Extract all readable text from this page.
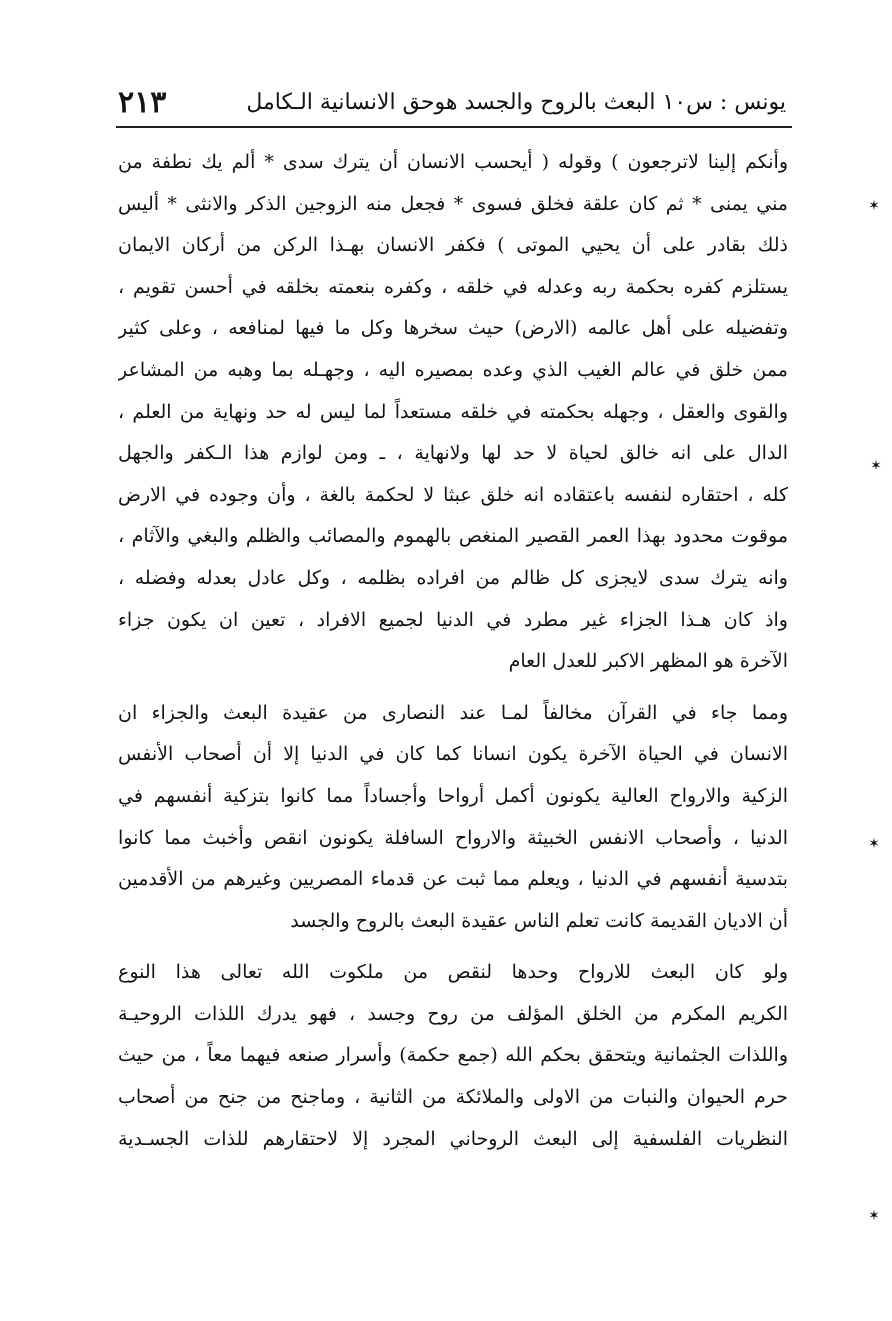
يونس : س١٠ البعث بالروح والجسد هوحق الانسانية الـكامل
٢١٣
وأنكم إلينا لاترجعون ) وقوله ( أيحسب الانسان أن يترك سدى * ألم يك نطفة من
مني يمنى * ثم كان علقة فخلق فسوى * فجعل منه الزوجين الذكر والانثى * أليس
ذلك بقادر على أن يحيي الموتى ) فكفر الانسان بهـذا الركن من أركان الايمان
يستلزم كفره بحكمة ربه وعدله في خلقه ، وكفره بنعمته بخلقه في أحسن تقويم ،
وتفضيله على أهل عالمه (الارض) حيث سخرها وكل ما فيها لمنافعه ، وعلى كثير
ممن خلق في عالم الغيب الذي وعده بمصيره اليه ، وجهـله بما وهبه من المشاعر
والقوى والعقل ، وجهله بحكمته في خلقه مستعداً لما ليس له حد ونهاية من العلم ،
الدال على انه خالق لحياة لا حد لها ولانهاية ، ـ ومن لوازم هذا الـكفر والجهل
كله ، احتقاره لنفسه باعتقاده انه خلق عبثا لا لحكمة بالغة ، وأن وجوده في الارض
موقوت محدود بهذا العمر القصير المنغص بالهموم والمصائب والظلم والبغي والآثام ،
وانه يترك سدى لايجزى كل ظالم من افراده بظلمه ، وكل عادل بعدله وفضله ،
واذ كان هـذا الجزاء غير مطرد في الدنيا لجميع الافراد ، تعين ان يكون جزاء
الآخرة هو المظهر الاكبر للعدل العام
ومما جاء في القرآن مخالفاً لمـا عند النصارى من عقيدة البعث والجزاء ان
الانسان في الحياة الآخرة يكون انسانا كما كان في الدنيا إلا أن أصحاب الأنفس
الزكية والارواح العالية يكونون أكمل أرواحا وأجساداً مما كانوا بتزكية أنفسهم في
الدنيا ، وأصحاب الانفس الخبيثة والارواح السافلة يكونون انقص وأخبث مما كانوا
بتدسية أنفسهم في الدنيا ، ويعلم مما ثبت عن قدماء المصريين وغيرهم من الأقدمين
أن الاديان القديمة كانت تعلم الناس عقيدة البعث بالروح والجسد
ولو كان البعث للارواح وحدها لنقص من ملكوت الله تعالى هذا النوع
الكريم المكرم من الخلق المؤلف من روح وجسد ، فهو يدرك اللذات الروحيـة
واللذات الجثمانية ويتحقق بحكم الله (جمع حكمة) وأسرار صنعه فيهما معاً ، من حيث
حرم الحيوان والنبات من الاولى والملائكة من الثانية ، وماجنح من جنح من أصحاب
النظريات الفلسفية إلى البعث الروحاني المجرد إلا لاحتقارهم للذات الجسـدية
✶
✶
✶
✶
